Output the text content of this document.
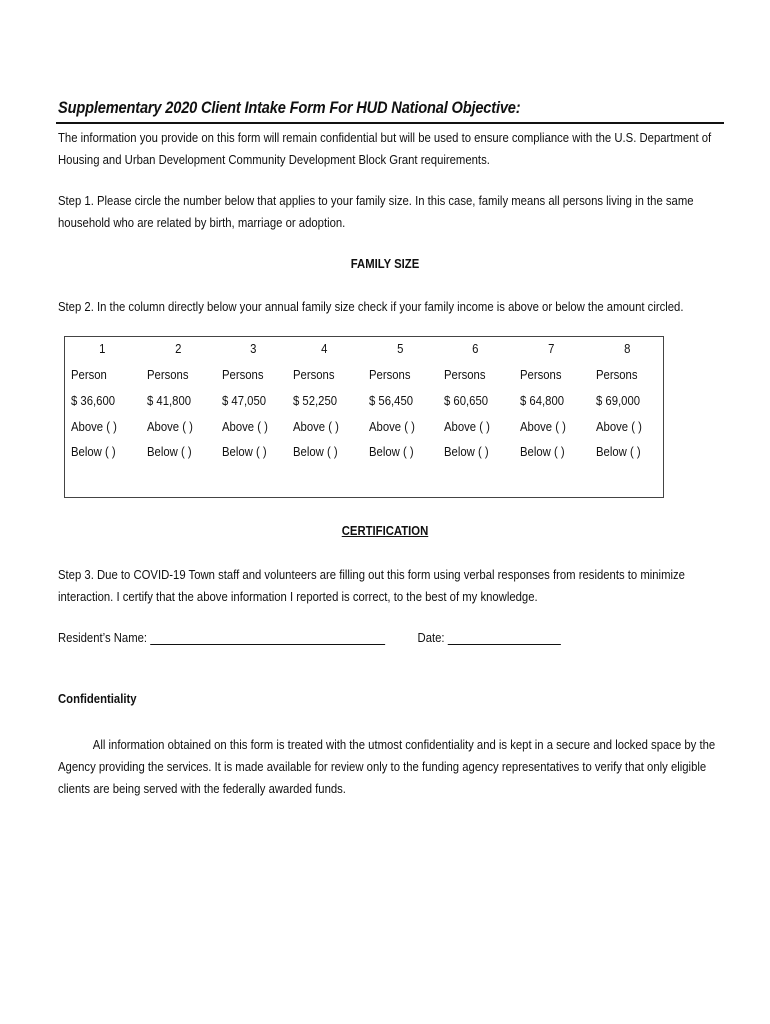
Supplementary 2020 Client Intake Form For HUD National Objective:
The information you provide on this form will remain confidential but will be used to ensure compliance with the U.S. Department of Housing and Urban Development Community Development Block Grant requirements.
Step 1. Please circle the number below that applies to your family size. In this case, family means all persons living in the same household who are related by birth, marriage or adoption.
FAMILY SIZE
Step 2. In the column directly below your annual family size check if your family income is above or below the amount circled.
1
Person
$ 36,600
Above ( )
Below ( )
2
Persons
$ 41,800
Above ( )
Below ( )
3
Persons
$ 47,050
Above ( )
Below ( )
4
Persons
$ 52,250
Above ( )
Below ( )
5
Persons
$ 56,450
Above ( )
Below ( )
6
Persons
$ 60,650
Above ( )
Below ( )
7
Persons
$ 64,800
Above ( )
Below ( )
8
Persons
$ 69,000
Above ( )
Below ( )
CERTIFICATION
Step 3. Due to COVID-19 Town staff and volunteers are filling out this form using verbal responses from residents to minimize interaction. I certify that the above information I reported is correct, to the best of my knowledge.
Resident’s Name:	Date:
Confidentiality
All information obtained on this form is treated with the utmost confidentiality and is kept in a secure and locked space by the Agency providing the services. It is made available for review only to the funding agency representatives to verify that only eligible clients are being served with the federally awarded funds.
